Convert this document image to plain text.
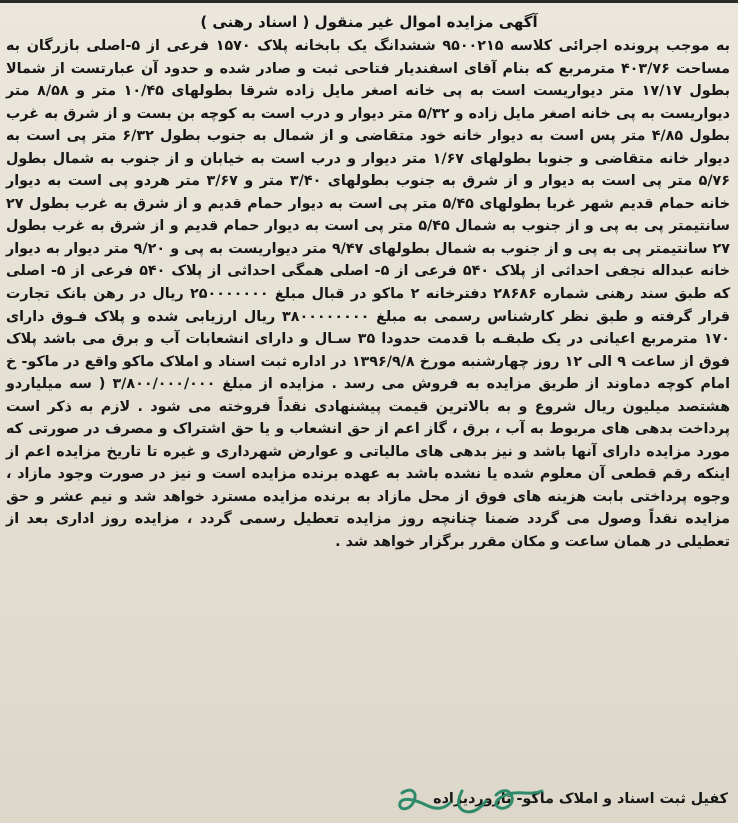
آگهی مزایده اموال غیر منقول ( اسناد رهنی )
به موجب پرونده اجرائی کلاسه ۹۵۰۰۲۱۵ ششدانگ یک بابخانه پلاک ۱۵۷۰ فرعی از ۵-اصلی بازرگان به مساحت ۴۰۳/۷۶ مترمربع که بنام آقای اسفندیار فتاحی ثبت و صادر شده و حدود آن عبارتست از شمالا بطول ۱۷/۱۷ متر دیواریست است به پی خانه اصغر مایل زاده شرقا بطولهای ۱۰/۴۵ متر و ۸/۵۸ متر دیواریست به پی خانه اصغر مایل زاده و ۵/۳۲ متر دیوار و درب است به کوچه بن بست و از شرق به غرب بطول ۴/۸۵ متر پس است به دیوار خانه خود متقاضی و از شمال به جنوب بطول ۶/۳۲ متر پی است به دیوار خانه متقاضی و جنوبا بطولهای ۱/۶۷ متر دیوار و درب است به خیابان و از جنوب به شمال بطول ۵/۷۶ متر پی است به دیوار و از شرق به جنوب بطولهای ۳/۴۰ متر و ۳/۶۷ متر هردو پی است به دیوار خانه حمام قدیم شهر غربا بطولهای ۵/۴۵ متر پی است به دیوار حمام قدیم و از شرق به غرب بطول ۲۷ سانتیمتر پی به پی و از جنوب به شمال ۵/۴۵ متر پی است به دیوار حمام قدیم و از شرق به غرب بطول ۲۷ سانتیمتر پی به پی و از جنوب به شمال بطولهای ۹/۴۷ متر دیواریست به پی و ۹/۲۰ متر دیوار به دیوار خانه عبداله نجفی احداثی از پلاک ۵۴۰ فرعی از ۵- اصلی همگی احداثی از پلاک ۵۴۰ فرعی از ۵- اصلی که طبق سند رهنی شماره ۲۸۶۸۶ دفترخانه ۲ ماکو در قبال مبلغ ۲۵۰۰۰۰۰۰۰ ریال در رهن بانک تجارت قرار گرفته و طبق نظر کارشناس رسمی به مبلغ ۳۸۰۰۰۰۰۰۰۰ ریال ارزیابی شده و پلاک فـوق دارای ۱۷۰ مترمربع اعیانی در یک طبقـه با قدمت حدودا ۳۵ سـال و دارای انشعابات آب و برق می باشد پلاک فوق از ساعت ۹ الی ۱۲ روز چهارشنبه مورخ ۱۳۹۶/۹/۸ در اداره ثبت اسناد و املاک ماکو واقع در ماکو- خ امام کوچه دماوند از طریق مزایده به فروش می رسد . مزایده از مبلغ ۳/۸۰۰/۰۰۰/۰۰۰ ( سه میلیاردو هشتصد میلیون ریال شروع و به بالاترین قیمت پیشنهادی نقداً فروخته می شود . لازم به ذکر است پرداخت بدهی های مربوط به آب ، برق ، گاز اعم از حق انشعاب و یا حق اشتراک و مصرف در صورتی که مورد مزایده دارای آنها باشد و نیز بدهی های مالیاتی و عوارض شهرداری و غیره تا تاریخ مزایده اعم از اینکه رقم قطعی آن معلوم شده یا نشده باشد به عهده برنده مزایده است و نیز در صورت وجود مازاد ، وجوه پرداختی بابت هزینه های فوق از محل مازاد به برنده مزایده مسترد خواهد شد و نیم عشر و حق مزایده نقداً وصول می گردد ضمنا چنانچه روز مزایده تعطیل رسمی گردد ، مزایده روز اداری بعد از تعطیلی در همان ساعت و مکان مقرر برگزار خواهد شد .
کفیل ثبت اسناد و املاک ماکو- تاروردیزاده
